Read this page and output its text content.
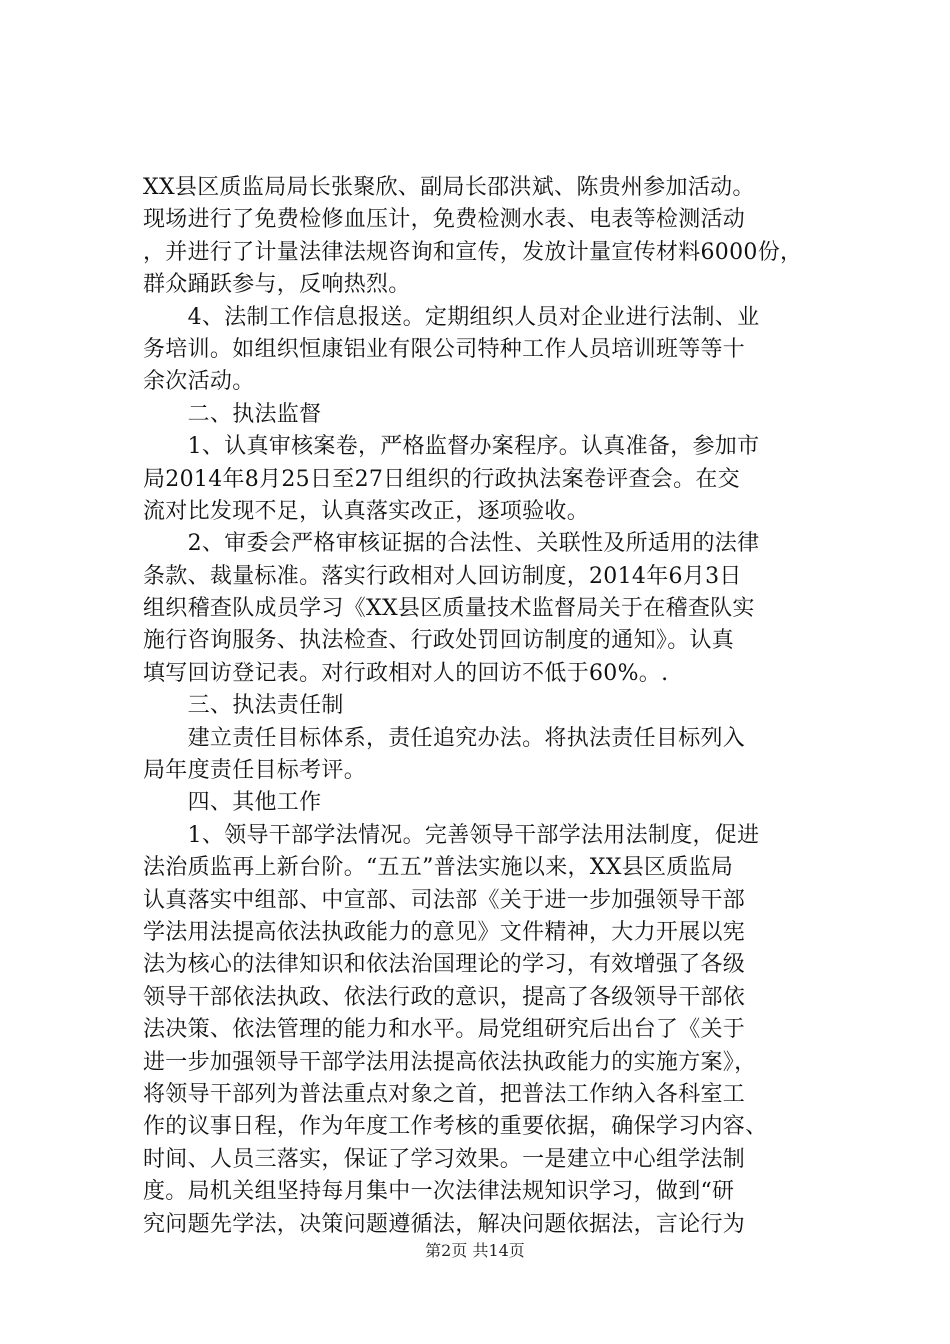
XX县区质监局局长张聚欣、副局长邵洪斌、陈贵州参加活动。
现场进行了免费检修血压计，免费检测水表、电表等检测活动
，并进行了计量法律法规咨询和宣传，发放计量宣传材料6000份，
群众踊跃参与，反响热烈。
　　4、法制工作信息报送。定期组织人员对企业进行法制、业
务培训。如组织恒康铝业有限公司特种工作人员培训班等等十
余次活动。
　　二、执法监督
　　1、认真审核案卷，严格监督办案程序。认真准备，参加市
局2014年8月25日至27日组织的行政执法案卷评查会。在交
流对比发现不足，认真落实改正，逐项验收。
　　2、审委会严格审核证据的合法性、关联性及所适用的法律
条款、裁量标准。落实行政相对人回访制度，2014年6月3日
组织稽查队成员学习《XX县区质量技术监督局关于在稽查队实
施行咨询服务、执法检查、行政处罚回访制度的通知》。认真
填写回访登记表。对行政相对人的回访不低于60%。.
　　三、执法责任制
　　建立责任目标体系，责任追究办法。将执法责任目标列入
局年度责任目标考评。
　　四、其他工作
　　1、领导干部学法情况。完善领导干部学法用法制度，促进
法治质监再上新台阶。“五五”普法实施以来，XX县区质监局
认真落实中组部、中宣部、司法部《关于进一步加强领导干部
学法用法提高依法执政能力的意见》文件精神，大力开展以宪
法为核心的法律知识和依法治国理论的学习，有效增强了各级
领导干部依法执政、依法行政的意识，提高了各级领导干部依
法决策、依法管理的能力和水平。局党组研究后出台了《关于
进一步加强领导干部学法用法提高依法执政能力的实施方案》，
将领导干部列为普法重点对象之首，把普法工作纳入各科室工
作的议事日程，作为年度工作考核的重要依据，确保学习内容、
时间、人员三落实，保证了学习效果。一是建立中心组学法制
度。局机关组坚持每月集中一次法律法规知识学习，做到“研
究问题先学法，决策问题遵循法，解决问题依据法，言论行为
第2页 共14页
